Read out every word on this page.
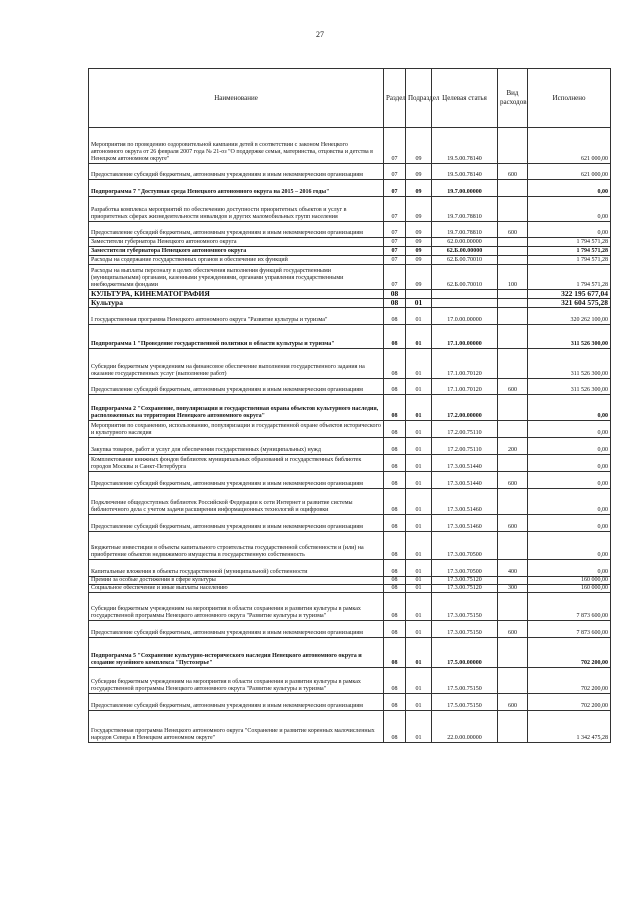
27
Наименование	Раздел	Подраздел	Целевая статья	Вид расходов	Исполнено
Мероприятия по проведению оздоровительной кампании детей в соответствии с законом Ненецкого автономного округа от 26 февраля 2007 года № 21-оз "О поддержке семьи, материнства, отцовства и детства в Ненецком автономном округе"	07	09	19.5.00.78140		621 000,00
Предоставление субсидий бюджетным, автономным учреждениям и иным некоммерческим организациям	07	09	19.5.00.78140	600	621 000,00
Подпрограмма 7 "Доступная среда Ненецкого автономного округа на 2015 – 2016 годы"	07	09	19.7.00.00000		0,00
Разработка комплекса мероприятий по обеспечению доступности приоритетных объектов и услуг в приоритетных сферах жизнедеятельности инвалидов и других маломобильных групп населения	07	09	19.7.00.78810		0,00
Предоставление субсидий бюджетным, автономным учреждениям и иным некоммерческим организациям	07	09	19.7.00.78810	600	0,00
Заместители губернатора Ненецкого автономного округа	07	09	62.0.00.00000		1 794 571,28
Заместители губернатора Ненецкого автономного округа	07	09	62.Б.00.00000		1 794 571,28
Расходы на содержание государственных органов и обеспечение их функций	07	09	62.Б.00.70010		1 794 571,28
Расходы на выплаты персоналу в целях обеспечения выполнения функций государственными (муниципальными) органами, казенными учреждениями, органами управления государственными внебюджетными фондами	07	09	62.Б.00.70010	100	1 794 571,28
КУЛЬТУРА, КИНЕМАТОГРАФИЯ	08				322 195 677,04
Культура	08	01			321 604 575,28
I государственная программа Ненецкого автономного округа "Развитие культуры и туризма"	08	01	17.0.00.00000		320 262 100,00
Подпрограмма 1 "Проведение государственной политики в области культуры и туризма"	08	01	17.1.00.00000		311 526 300,00
Субсидии бюджетным учреждениям на финансовое обеспечение выполнения государственного задания на оказание государственных услуг (выполнение работ)	08	01	17.1.00.70120		311 526 300,00
Предоставление субсидий бюджетным, автономным учреждениям и иным некоммерческим организациям	08	01	17.1.00.70120	600	311 526 300,00
Подпрограмма 2 "Сохранение, популяризация и государственная охрана объектов культурного наследия, расположенных на территории Ненецкого автономного округа"	08	01	17.2.00.00000		0,00
Мероприятия по сохранению, использованию, популяризации и государственной охране объектов исторического и культурного наследия	08	01	17.2.00.75110		0,00
Закупка товаров, работ и услуг для обеспечения государственных (муниципальных) нужд	08	01	17.2.00.75110	200	0,00
Комплектование книжных фондов библиотек муниципальных образований и государственных библиотек городов Москвы и Санкт-Петербурга	08	01	17.3.00.51440		0,00
Предоставление субсидий бюджетным, автономным учреждениям и иным некоммерческим организациям	08	01	17.3.00.51440	600	0,00
Подключение общедоступных библиотек Российской Федерации к сети Интернет и развитие системы библиотечного дела с учетом задачи расширения информационных технологий и оцифровки	08	01	17.3.00.51460		0,00
Предоставление субсидий бюджетным, автономным учреждениям и иным некоммерческим организациям	08	01	17.3.00.51460	600	0,00
Бюджетные инвестиции в объекты капитального строительства государственной собственности и (или) на приобретение объектов недвижимого имущества в государственную собственность	08	01	17.3.00.70500		0,00
Капитальные вложения в объекты государственной (муниципальной) собственности	08	01	17.3.00.70500	400	0,00
Премии за особые достижения в сфере культуры	08	01	17.3.00.75120		160 000,00
Социальное обеспечение и иные выплаты населению	08	01	17.3.00.75120	300	160 000,00
Субсидии бюджетным учреждениям на мероприятия в области сохранения и развития культуры в рамках государственной программы Ненецкого автономного округа "Развитие культуры и туризма"	08	01	17.3.00.75150		7 873 600,00
Предоставление субсидий бюджетным, автономным учреждениям и иным некоммерческим организациям	08	01	17.3.00.75150	600	7 873 600,00
Подпрограмма 5 "Сохранение культурно-исторического наследия Ненецкого автономного округа и создание музейного комплекса "Пустозерье"	08	01	17.5.00.00000		702 200,00
Субсидии бюджетным учреждениям на мероприятия в области сохранения и развития культуры в рамках государственной программы Ненецкого автономного округа "Развитие культуры и туризма"	08	01	17.5.00.75150		702 200,00
Предоставление субсидий бюджетным, автономным учреждениям и иным некоммерческим организациям	08	01	17.5.00.75150	600	702 200,00
Государственная программа Ненецкого автономного округа "Сохранение и развитие коренных малочисленных народов Севера в Ненецком автономном округе"	08	01	22.0.00.00000		1 342 475,28
